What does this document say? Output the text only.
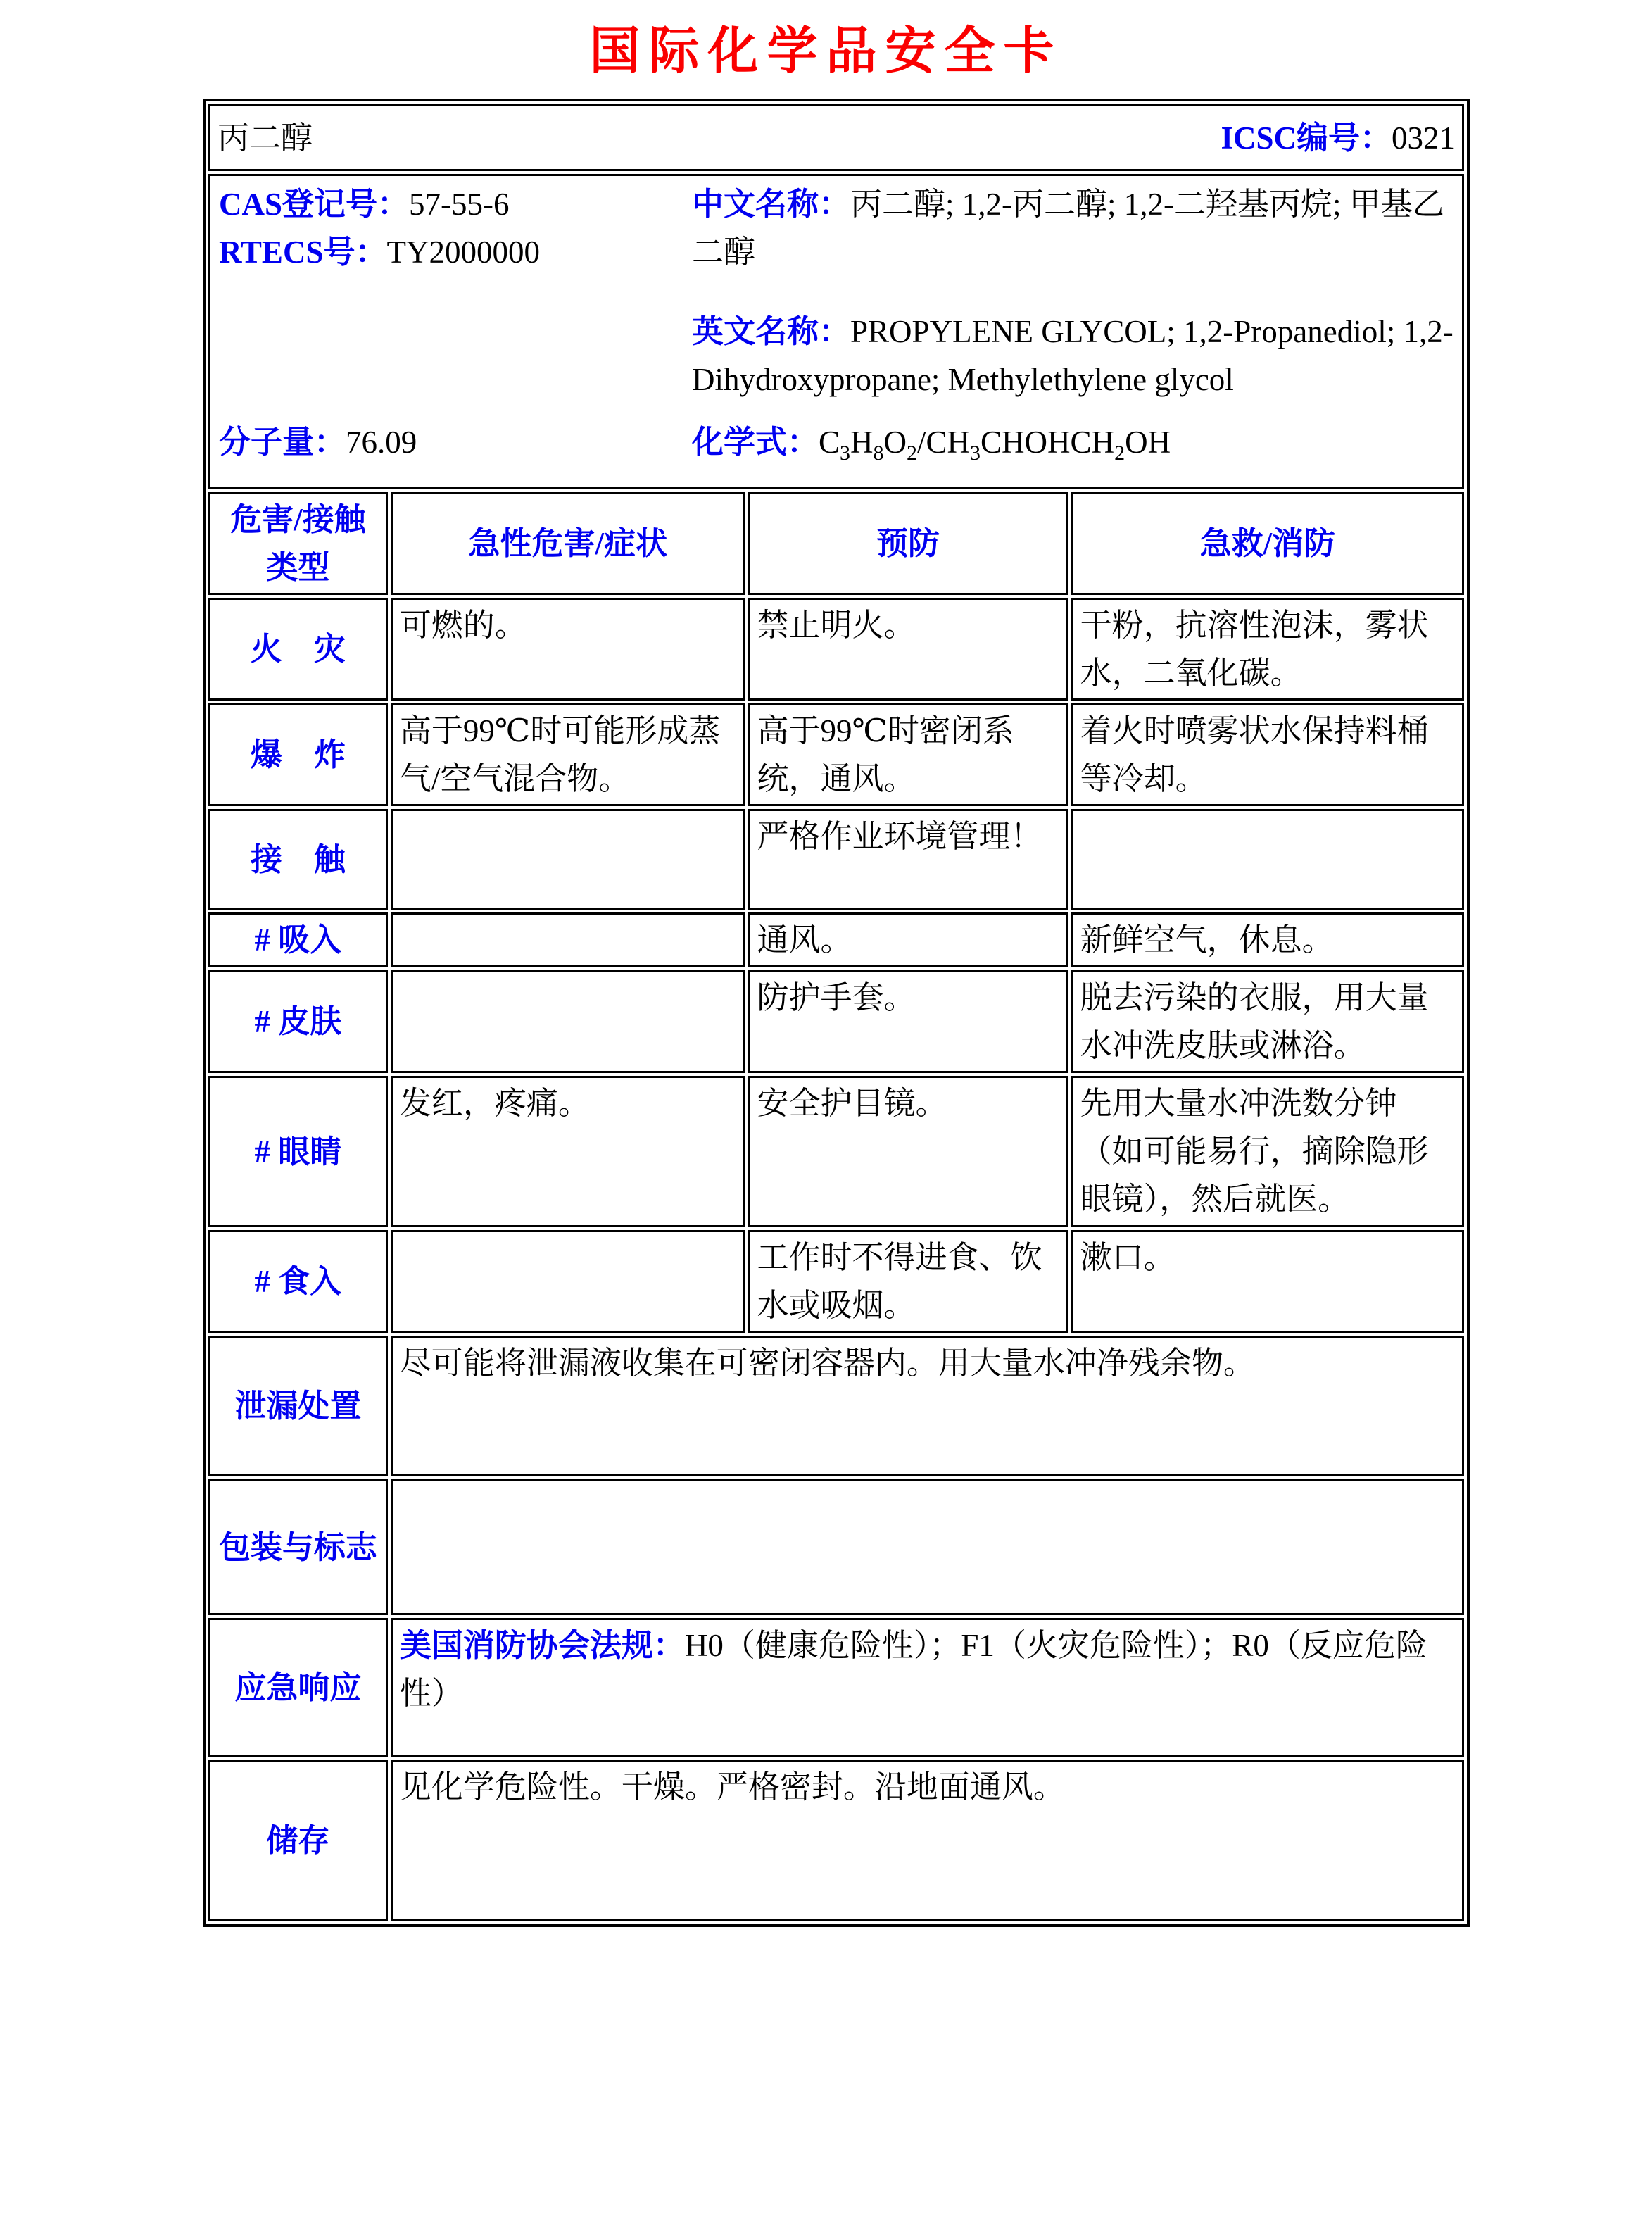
国际化学品安全卡
丙二醇 ICSC编号：0321			

CAS登记号：57-55-6
RTECS号：TY2000000
中文名称：丙二醇; 1,2-丙二醇; 1,2-二羟基丙烷; 甲基乙二醇
英文名称：PROPYLENE GLYCOL; 1,2-Propanediol; 1,2-Dihydroxypropane; Methylethylene glycol
分子量：76.09	化学式：$C_3H_8O_2/CH_3CHOHCH_2OH$

危害/接触
类型	急性危害/症状	预防	急救/消防
火　灾	可燃的。	禁止明火。	干粉，抗溶性泡沫，雾状水，二氧化碳。
爆　炸	高于99℃时可能形成蒸气/空气混合物。	高于99℃时密闭系统，通风。	着火时喷雾状水保持料桶等冷却。
接　触		严格作业环境管理！	
# 吸入		通风。	新鲜空气，休息。
# 皮肤		防护手套。	脱去污染的衣服，用大量水冲洗皮肤或淋浴。
# 眼睛	发红，疼痛。	安全护目镜。	先用大量水冲洗数分钟（如可能易行，摘除隐形眼镜），然后就医。
# 食入		工作时不得进食、饮水或吸烟。	漱口。
泄漏处置	尽可能将泄漏液收集在可密闭容器内。用大量水冲净残余物。		
包装与标志			
应急响应	美国消防协会法规：H0（健康危险性）；F1（火灾危险性）；R0（反应危险性）		
储存	见化学危险性。干燥。严格密封。沿地面通风。		
